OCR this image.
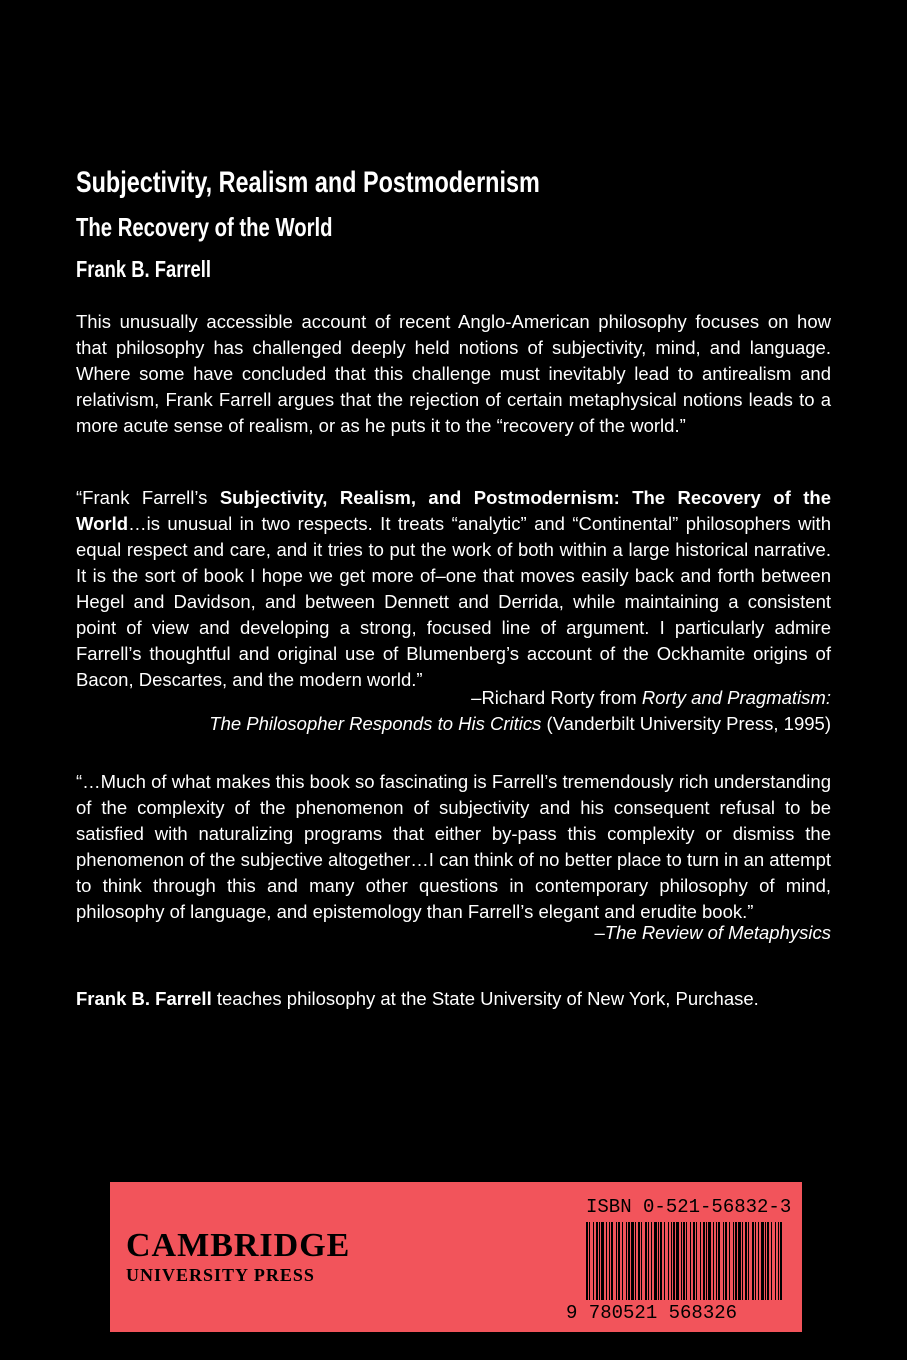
Subjectivity, Realism and Postmodernism
The Recovery of the World
Frank B. Farrell

This unusually accessible account of recent Anglo-American philosophy focuses on how that philosophy has challenged deeply held notions of subjectivity, mind, and language. Where some have concluded that this challenge must inevitably lead to antirealism and relativism, Frank Farrell argues that the rejection of certain metaphysical notions leads to a more acute sense of realism, or as he puts it to the “recovery of the world.”

“Frank Farrell’s Subjectivity, Realism, and Postmodernism: The Recovery of the World…is unusual in two respects. It treats “analytic” and “Continental” philosophers with equal respect and care, and it tries to put the work of both within a large historical narrative. It is the sort of book I hope we get more of–one that moves easily back and forth between Hegel and Davidson, and between Dennett and Derrida, while maintaining a consistent point of view and developing a strong, focused line of argument. I particularly admire Farrell’s thoughtful and original use of Blumenberg’s account of the Ockhamite origins of Bacon, Descartes, and the modern world.”

–Richard Rorty from Rorty and Pragmatism:
The Philosopher Responds to His Critics (Vanderbilt University Press, 1995)

“…Much of what makes this book so fascinating is Farrell’s tremendously rich understanding of the complexity of the phenomenon of subjectivity and his consequent refusal to be satisfied with naturalizing programs that either by-pass this complexity or dismiss the phenomenon of the subjective altogether…I can think of no better place to turn in an attempt to think through this and many other questions in contemporary philosophy of mind, philosophy of language, and epistemology than Farrell’s elegant and erudite book.”

–The Review of Metaphysics

Frank B. Farrell teaches philosophy at the State University of New York, Purchase.

CAMBRIDGE
UNIVERSITY PRESS
ISBN 0-521-56832-3
9 780521 568326
